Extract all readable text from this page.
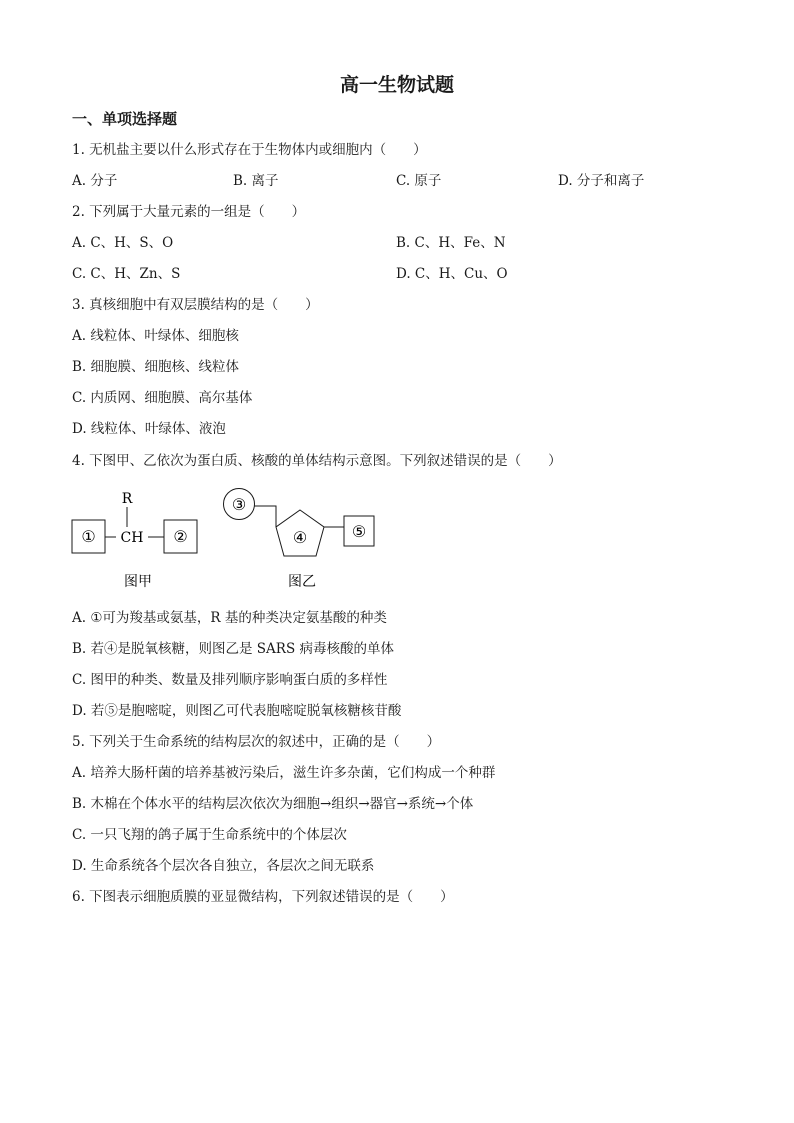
高一生物试题
一、单项选择题
1. 无机盐主要以什么形式存在于生物体内或细胞内（　　）
A. 分子	B. 离子	C. 原子	D. 分子和离子
2. 下列属于大量元素的一组是（　　）
A. C、H、S、O	B. C、H、Fe、N
C. C、H、Zn、S	D. C、H、Cu、O
3. 真核细胞中有双层膜结构的是（　　）
A. 线粒体、叶绿体、细胞核
B. 细胞膜、细胞核、线粒体
C. 内质网、细胞膜、高尔基体
D. 线粒体、叶绿体、液泡
4. 下图甲、乙依次为蛋白质、核酸的单体结构示意图。下列叙述错误的是（　　）
R
① CH ②
图甲
③
④	⑤
图乙
A. ①可为羧基或氨基，R 基的种类决定氨基酸的种类
B. 若④是脱氧核糖，则图乙是 SARS 病毒核酸的单体
C. 图甲的种类、数量及排列顺序影响蛋白质的多样性
D. 若⑤是胞嘧啶，则图乙可代表胞嘧啶脱氧核糖核苷酸
5. 下列关于生命系统的结构层次的叙述中，正确的是（　　）
A. 培养大肠杆菌的培养基被污染后，滋生许多杂菌，它们构成一个种群
B. 木棉在个体水平的结构层次依次为细胞→组织→器官→系统→个体
C. 一只飞翔的鸽子属于生命系统中的个体层次
D. 生命系统各个层次各自独立，各层次之间无联系
6. 下图表示细胞质膜的亚显微结构，下列叙述错误的是（　　）
